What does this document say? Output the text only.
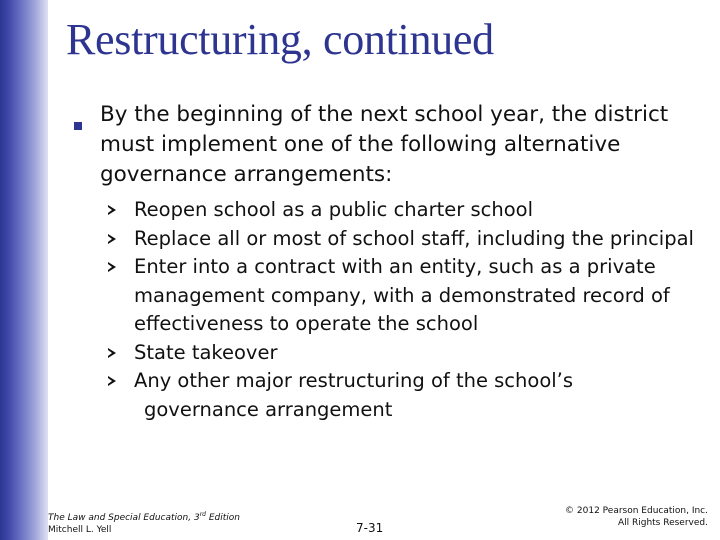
Restructuring, continued
By the beginning of the next school year, the district must implement one of the following alternative governance arrangements:
Reopen school as a public charter school
Replace all or most of school staff, including the principal
Enter into a contract with an entity, such as a private management company, with a demonstrated record of effectiveness to operate the school
State takeover
Any other major restructuring of the school’s
governance arrangement
The Law and Special Education, 3rd Edition
Mitchell L. Yell	7-31
© 2012 Pearson Education, Inc.
All Rights Reserved.
